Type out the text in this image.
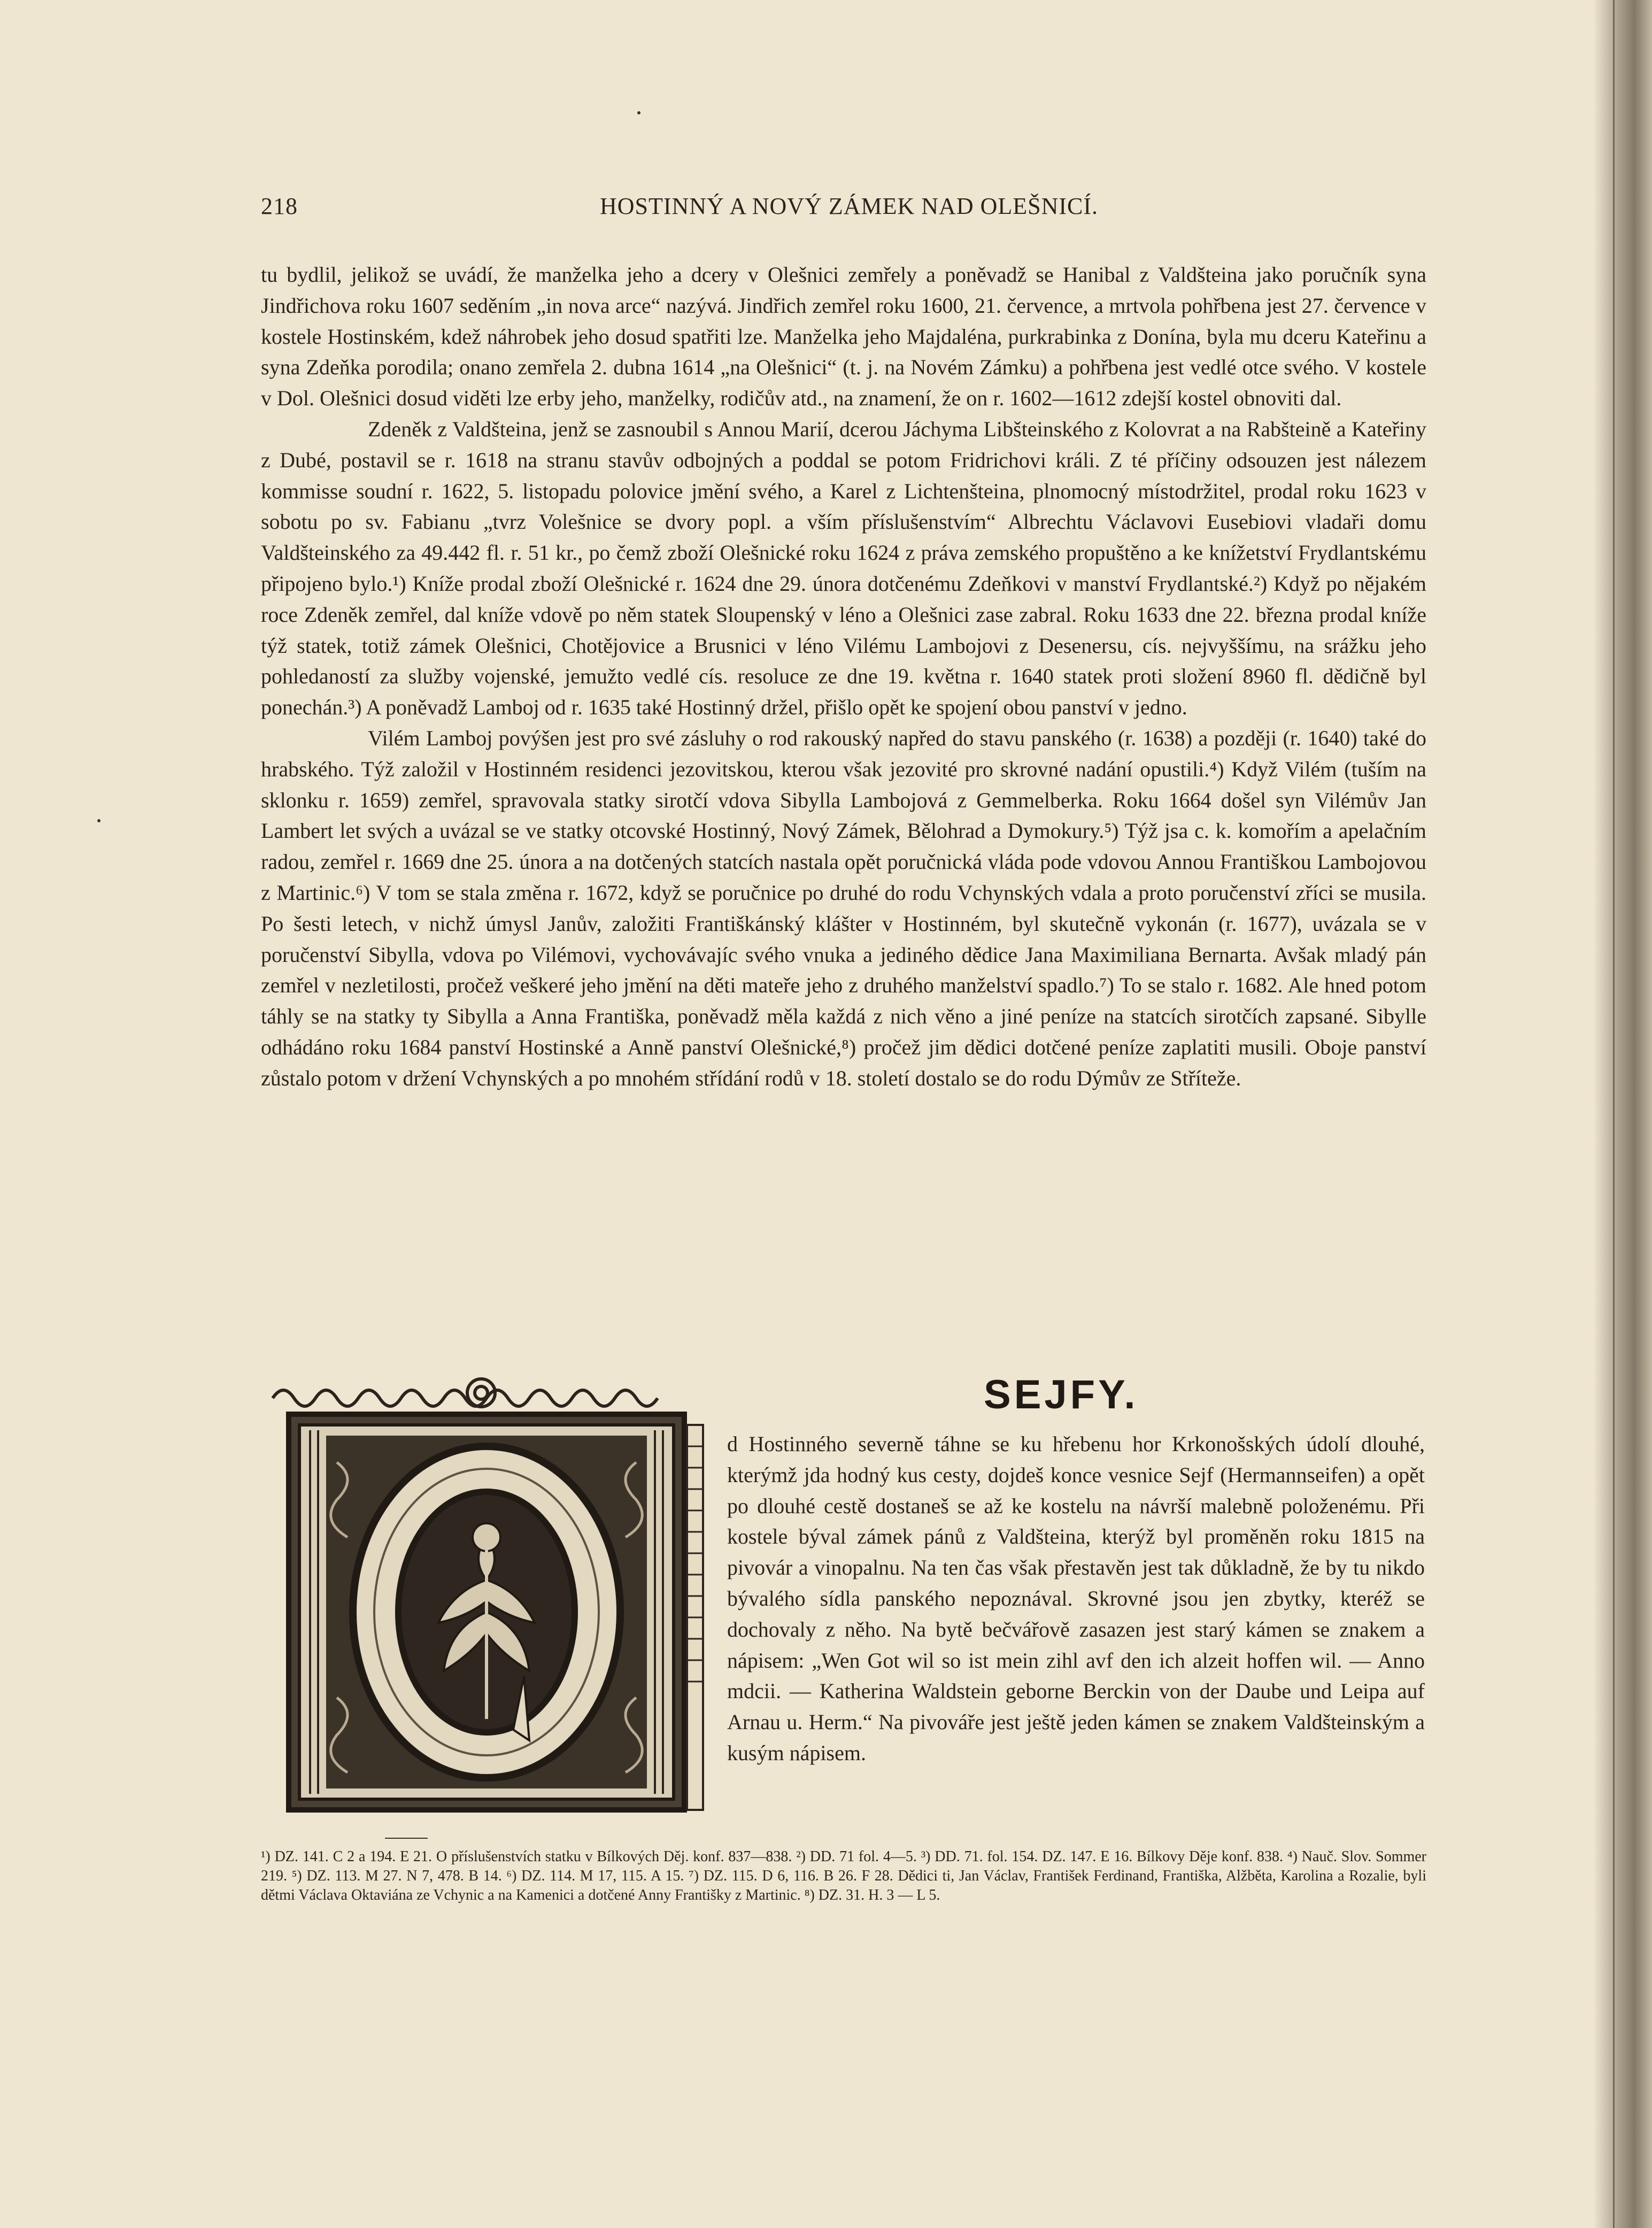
218	HOSTINNÝ A NOVÝ ZÁMEK NAD OLEŠNICÍ.

tu bydlil, jelikož se uvádí, že manželka jeho a dcery v Olešnici zemřely a poněvadž se Hanibal z Valdšteina jako poručník syna Jindřichova roku 1607 seděním „in nova arce“ nazývá. Jindřich zemřel roku 1600, 21. července, a mrtvola pohřbena jest 27. července v kostele Hostinském, kdež náhrobek jeho dosud spatřiti lze. Manželka jeho Majdaléna, purkrabinka z Donína, byla mu dceru Kateřinu a syna Zdeňka porodila; onano zemřela 2. dubna 1614 „na Olešnici“ (t. j. na Novém Zámku) a pohřbena jest vedlé otce svého. V kostele v Dol. Olešnici dosud viděti lze erby jeho, manželky, rodičův atd., na znamení, že on r. 1602—1612 zdejší kostel obnoviti dal.

Zdeněk z Valdšteina, jenž se zasnoubil s Annou Marií, dcerou Jáchyma Libšteinského z Kolovrat a na Rabšteině a Kateřiny z Dubé, postavil se r. 1618 na stranu stavův odbojných a poddal se potom Fridrichovi králi. Z té příčiny odsouzen jest nálezem kommisse soudní r. 1622, 5. listopadu polovice jmění svého, a Karel z Lichtenšteina, plnomocný místodržitel, prodal roku 1623 v sobotu po sv. Fabianu „tvrz Volešnice se dvory popl. a vším příslušenstvím“ Albrechtu Václavovi Eusebiovi vladaři domu Valdšteinského za 49.442 fl. r. 51 kr., po čemž zboží Olešnické roku 1624 z práva zemského propuštěno a ke knížetství Frydlantskému připojeno bylo.¹) Kníže prodal zboží Olešnické r. 1624 dne 29. února dotčenému Zdeňkovi v manství Frydlantské.²) Když po nějakém roce Zdeněk zemřel, dal kníže vdově po něm statek Sloupenský v léno a Olešnici zase zabral. Roku 1633 dne 22. března prodal kníže týž statek, totiž zámek Olešnici, Chotějovice a Brusnici v léno Vilému Lambojovi z Desenersu, cís. nejvyššímu, na srážku jeho pohledaností za služby vojenské, jemužto vedlé cís. resoluce ze dne 19. května r. 1640 statek proti složení 8960 fl. dědičně byl ponechán.³) A poněvadž Lamboj od r. 1635 také Hostinný držel, přišlo opět ke spojení obou panství v jedno.

Vilém Lamboj povýšen jest pro své zásluhy o rod rakouský napřed do stavu panského (r. 1638) a později (r. 1640) také do hrabského. Týž založil v Hostinném residenci jezovitskou, kterou však jezovité pro skrovné nadání opustili.⁴) Když Vilém (tuším na sklonku r. 1659) zemřel, spravovala statky sirotčí vdova Sibylla Lambojová z Gemmelberka. Roku 1664 došel syn Vilémův Jan Lambert let svých a uvázal se ve statky otcovské Hostinný, Nový Zámek, Bělohrad a Dymokury.⁵) Týž jsa c. k. komořím a apelačním radou, zemřel r. 1669 dne 25. února a na dotčených statcích nastala opět poručnická vláda pode vdovou Annou Františkou Lambojovou z Martinic.⁶) V tom se stala změna r. 1672, když se poručnice po druhé do rodu Vchynských vdala a proto poručenství zříci se musila. Po šesti letech, v nichž úmysl Janův, založiti Františkánský klášter v Hostinném, byl skutečně vykonán (r. 1677), uvázala se v poručenství Sibylla, vdova po Vilémovi, vychovávajíc svého vnuka a jediného dědice Jana Maximiliana Bernarta. Avšak mladý pán zemřel v nezletilosti, pročež veškeré jeho jmění na děti mateře jeho z druhého manželství spadlo.⁷) To se stalo r. 1682. Ale hned potom táhly se na statky ty Sibylla a Anna Františka, poněvadž měla každá z nich věno a jiné peníze na statcích sirotčích zapsané. Sibylle odhádáno roku 1684 panství Hostinské a Anně panství Olešnické,⁸) pročež jim dědici dotčené peníze zaplatiti musili. Oboje panství zůstalo potom v držení Vchynských a po mnohém střídání rodů v 18. století dostalo se do rodu Dýmův ze Stříteže.

SEJFY.

d Hostinného severně táhne se ku hřebenu hor Krkonošských údolí dlouhé, kterýmž jda hodný kus cesty, dojdeš konce vesnice Sejf (Hermannseifen) a opět po dlouhé cestě dostaneš se až ke kostelu na návrší malebně položenému. Při kostele býval zámek pánů z Valdšteina, kterýž byl proměněn roku 1815 na pivovár a vinopalnu. Na ten čas však přestavěn jest tak důkladně, že by tu nikdo bývalého sídla panského nepoznával. Skrovné jsou jen zbytky, kteréž se dochovaly z něho. Na bytě bečvářově zasazen jest starý kámen se znakem a nápisem: „Wen Got wil so ist mein zihl avf den ich alzeit hoffen wil. — Anno mdcii. — Katherina Waldstein geborne Berckin von der Daube und Leipa auf Arnau u. Herm.“ Na pivováře jest ještě jeden kámen se znakem Valdšteinským a kusým nápisem.

¹) DZ. 141. C 2 a 194. E 21. O příslušenstvích statku v Bílkových Děj. konf. 837—838. ²) DD. 71 fol. 4—5. ³) DD. 71. fol. 154. DZ. 147. E 16. Bílkovy Děje konf. 838. ⁴) Nauč. Slov. Sommer 219. ⁵) DZ. 113. M 27. N 7, 478. B 14. ⁶) DZ. 114. M 17, 115. A 15. ⁷) DZ. 115. D 6, 116. B 26. F 28. Dědici ti, Jan Václav, František Ferdinand, Františka, Alžběta, Karolina a Rozalie, byli dětmi Václava Oktaviána ze Vchynic a na Kamenici a dotčené Anny Františky z Martinic. ⁸) DZ. 31. H. 3 — L 5.
